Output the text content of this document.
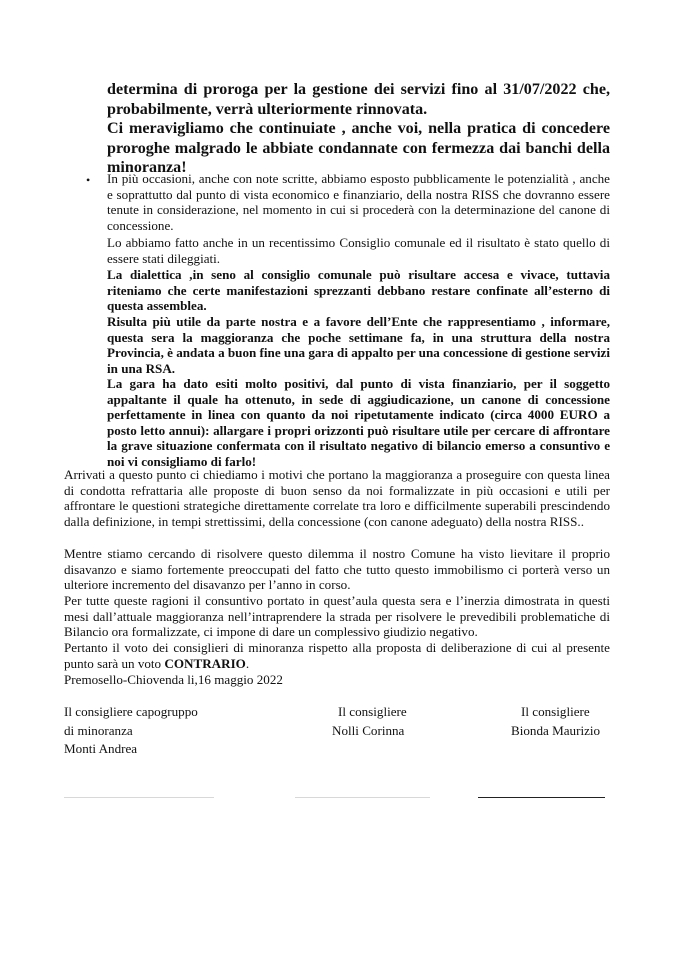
determina di proroga per la gestione dei servizi fino al 31/07/2022 che, probabilmente, verrà ulteriormente rinnovata.
Ci meravigliamo che continuiate , anche voi, nella pratica di concedere proroghe malgrado le abbiate condannate con fermezza dai banchi della minoranza!
• In più occasioni, anche con note scritte, abbiamo esposto pubblicamente le potenzialità , anche e soprattutto dal punto di vista economico e finanziario, della nostra RISS che dovranno essere tenute in considerazione, nel momento in cui si procederà con la determinazione del canone di concessione.
Lo abbiamo fatto anche in un recentissimo Consiglio comunale ed il risultato è stato quello di essere stati dileggiati.
La dialettica ,in seno al consiglio comunale può risultare accesa e vivace, tuttavia riteniamo che certe manifestazioni sprezzanti debbano restare confinate all’esterno di questa assemblea.
Risulta più utile da parte nostra e a favore dell’Ente che rappresentiamo , informare, questa sera la maggioranza che poche settimane fa, in una struttura della nostra Provincia, è andata a buon fine una gara di appalto per una concessione di gestione servizi in una RSA.
La gara ha dato esiti molto positivi, dal punto di vista finanziario, per il soggetto appaltante il quale ha ottenuto, in sede di aggiudicazione, un canone di concessione perfettamente in linea con quanto da noi ripetutamente indicato (circa 4000 EURO a posto letto annui): allargare i propri orizzonti può risultare utile per cercare di affrontare la grave situazione confermata con il risultato negativo di bilancio emerso a consuntivo e noi vi consigliamo di farlo!
Arrivati a questo punto ci chiediamo i motivi che portano la maggioranza a proseguire con questa linea di condotta refrattaria alle proposte di buon senso da noi formalizzate in più occasioni e utili per affrontare le questioni strategiche direttamente correlate tra loro e difficilmente superabili prescindendo dalla definizione, in tempi strettissimi, della concessione (con canone adeguato) della nostra RISS..
Mentre stiamo cercando di risolvere questo dilemma il nostro Comune ha visto lievitare il proprio disavanzo e siamo fortemente preoccupati del fatto che tutto questo immobilismo ci porterà verso un ulteriore incremento del disavanzo per l’anno in corso.
Per tutte queste ragioni il consuntivo portato in quest’aula questa sera e l’inerzia dimostrata in questi mesi dall’attuale maggioranza nell’intraprendere la strada per risolvere le prevedibili problematiche di Bilancio ora formalizzate, ci impone di dare un complessivo giudizio negativo.
Pertanto il voto dei consiglieri di minoranza rispetto alla proposta di deliberazione di cui al presente punto sarà un voto CONTRARIO.
Premosello-Chiovenda li,16 maggio 2022
Il consigliere capogruppo
di minoranza
Monti Andrea
Il consigliere
Nolli Corinna
Il consigliere
Bionda Maurizio
